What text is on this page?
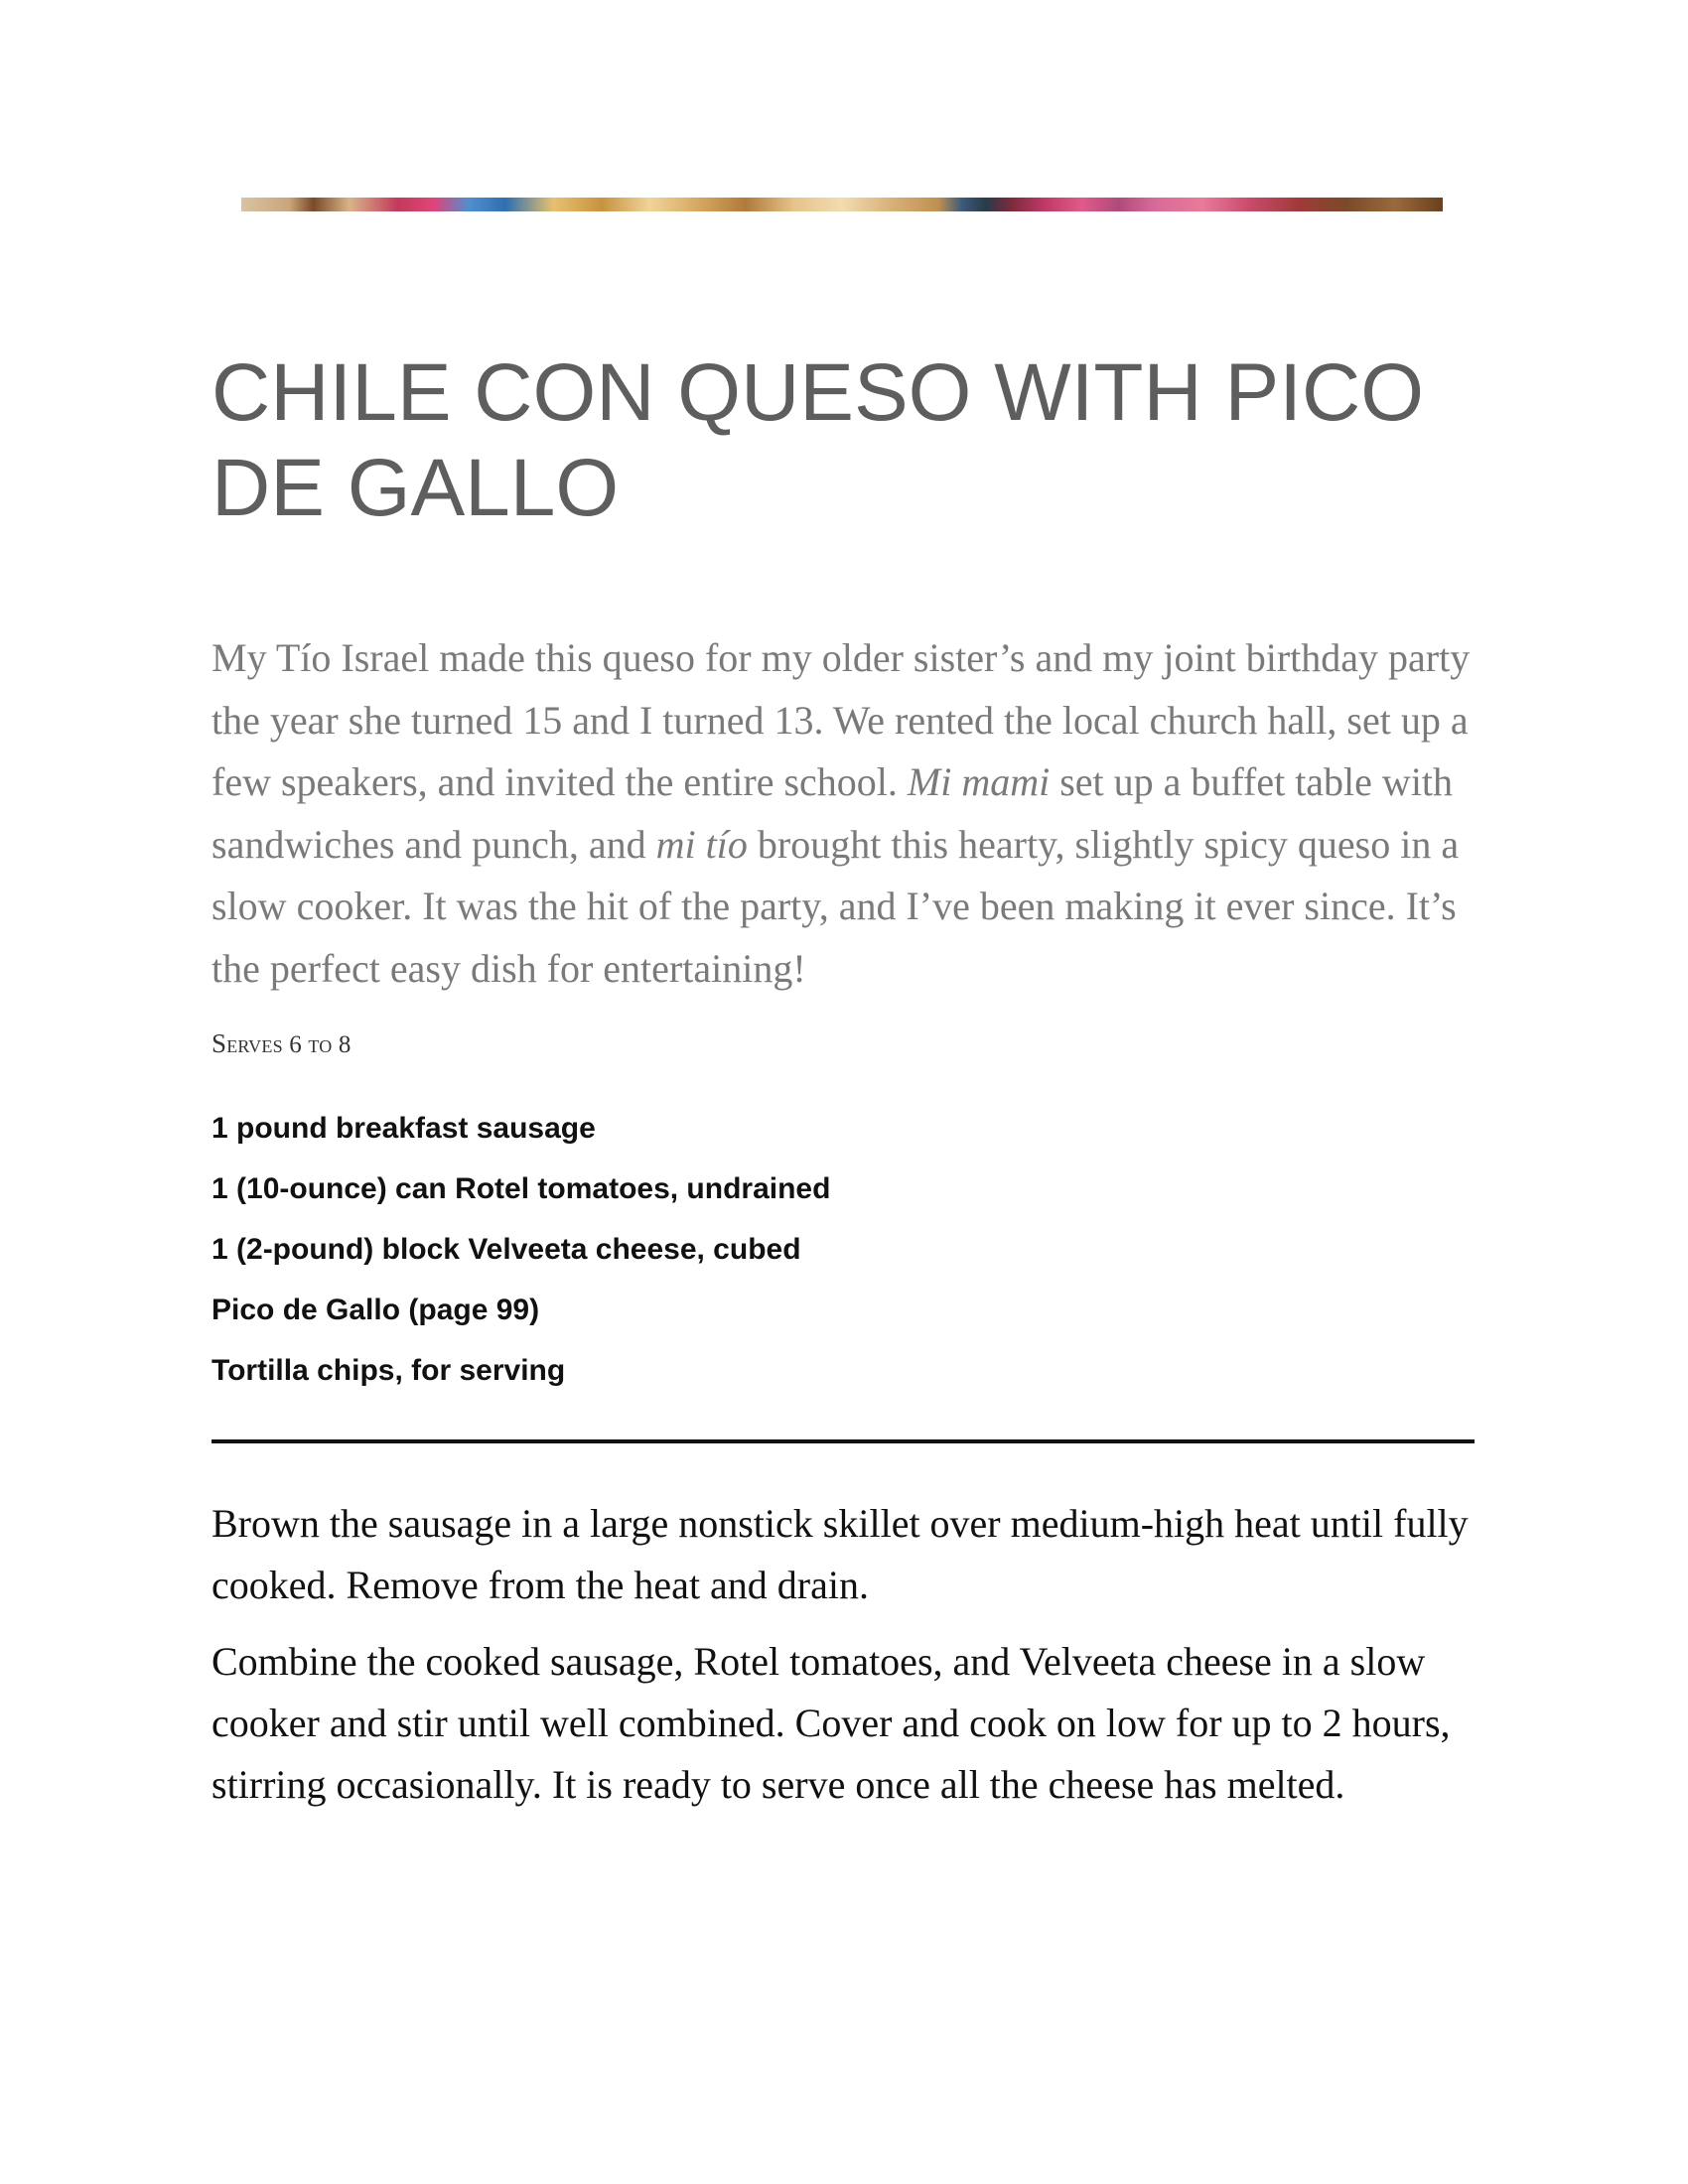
CHILE CON QUESO WITH PICO DE GALLO

My Tío Israel made this queso for my older sister’s and my joint birthday party the year she turned 15 and I turned 13. We rented the local church hall, set up a few speakers, and invited the entire school. Mi mami set up a buffet table with sandwiches and punch, and mi tío brought this hearty, slightly spicy queso in a slow cooker. It was the hit of the party, and I’ve been making it ever since. It’s the perfect easy dish for entertaining!

Serves 6 to 8

1 pound breakfast sausage
1 (10-ounce) can Rotel tomatoes, undrained
1 (2-pound) block Velveeta cheese, cubed
Pico de Gallo (page 99)
Tortilla chips, for serving

Brown the sausage in a large nonstick skillet over medium-high heat until fully cooked. Remove from the heat and drain.

Combine the cooked sausage, Rotel tomatoes, and Velveeta cheese in a slow cooker and stir until well combined. Cover and cook on low for up to 2 hours, stirring occasionally. It is ready to serve once all the cheese has melted.
